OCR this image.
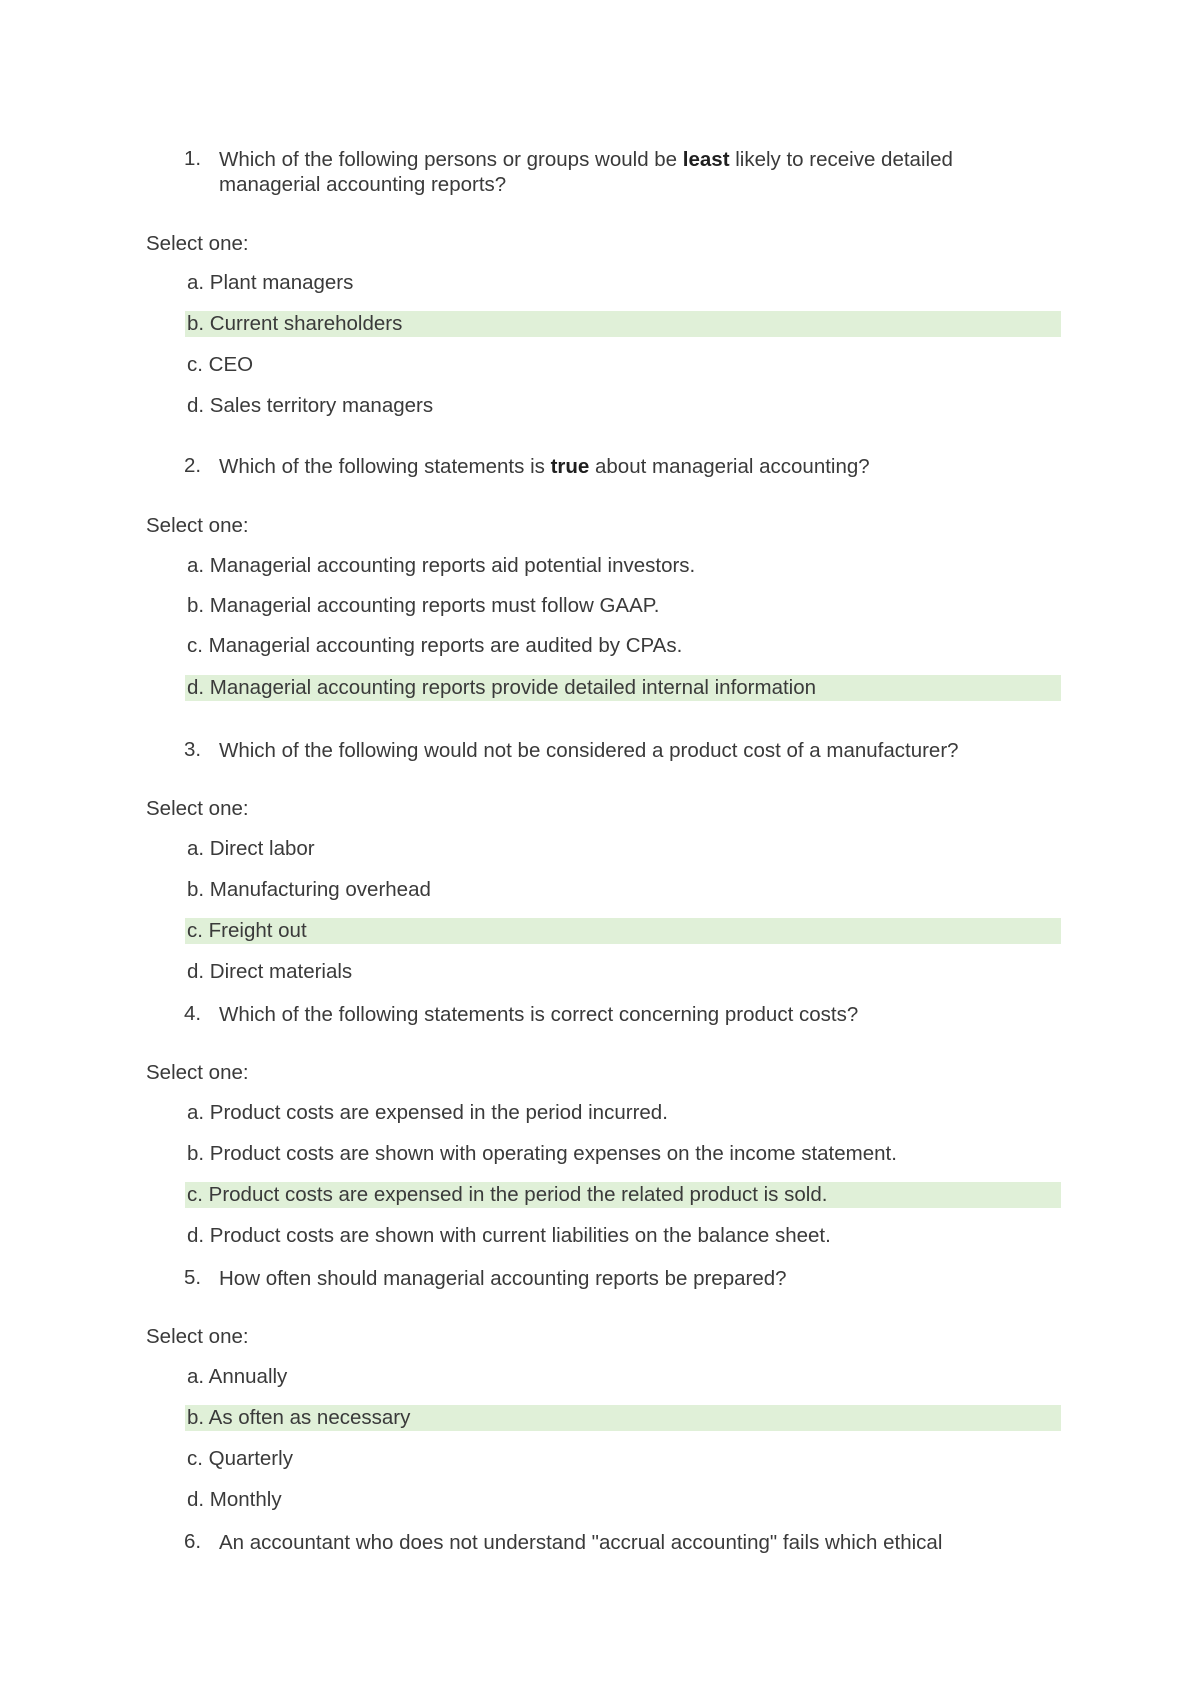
1. Which of the following persons or groups would be least likely to receive detailed managerial accounting reports?
Select one:
a. Plant managers
b. Current shareholders
c. CEO
d. Sales territory managers
2. Which of the following statements is true about managerial accounting?
Select one:
a. Managerial accounting reports aid potential investors.
b. Managerial accounting reports must follow GAAP.
c. Managerial accounting reports are audited by CPAs.
d. Managerial accounting reports provide detailed internal information
3. Which of the following would not be considered a product cost of a manufacturer?
Select one:
a. Direct labor
b. Manufacturing overhead
c. Freight out
d. Direct materials
4. Which of the following statements is correct concerning product costs?
Select one:
a. Product costs are expensed in the period incurred.
b. Product costs are shown with operating expenses on the income statement.
c. Product costs are expensed in the period the related product is sold.
d. Product costs are shown with current liabilities on the balance sheet.
5. How often should managerial accounting reports be prepared?
Select one:
a. Annually
b. As often as necessary
c. Quarterly
d. Monthly
6. An accountant who does not understand "accrual accounting" fails which ethical
